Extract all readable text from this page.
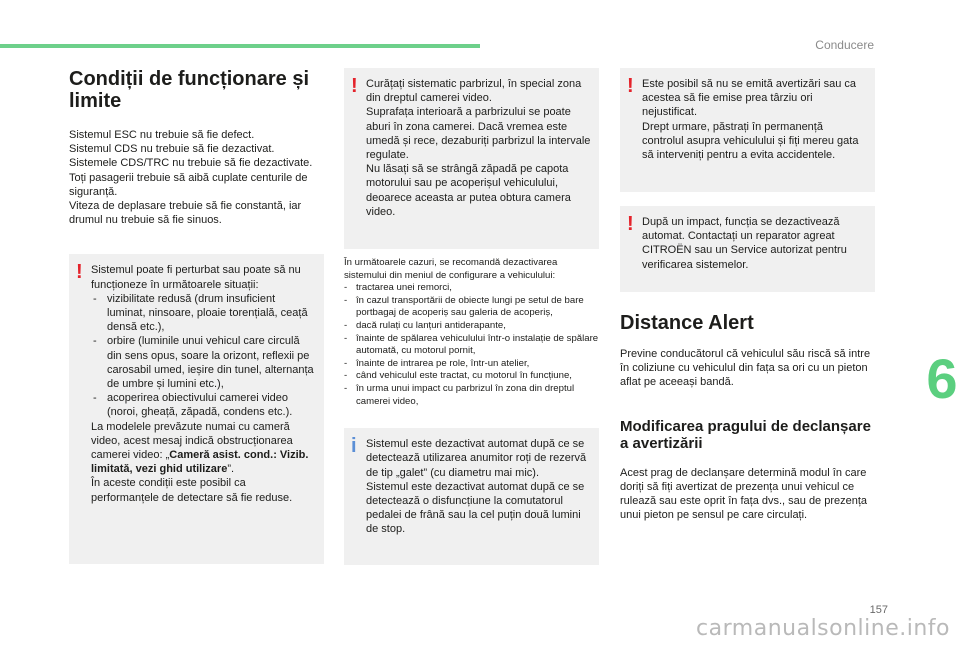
Conducere
6
157
carmanualsonline.info
Condiții de funcționare și limite

Sistemul ESC nu trebuie să fie defect.

Sistemul CDS nu trebuie să fie dezactivat.

Sistemele CDS/TRC nu trebuie să fie dezactivate.

Toți pasagerii trebuie să aibă cuplate centurile de siguranță.

Viteza de deplasare trebuie să fie constantă, iar drumul nu trebuie să fie sinuos.

! Sistemul poate fi perturbat sau poate să nu funcționeze în următoarele situații:

- vizibilitate redusă (drum insuficient luminat, ninsoare, ploaie torențială, ceață densă etc.),
- orbire (luminile unui vehicul care circulă din sens opus, soare la orizont, reflexii pe carosabil umed, ieșire din tunel, alternanța de umbre și lumini etc.),
- acoperirea obiectivului camerei video (noroi, gheață, zăpadă, condens etc.).

La modelele prevăzute numai cu cameră video, acest mesaj indică obstrucționarea camerei video: „Cameră asist. cond.: Vizib. limitată, vezi ghid utilizare”.

În aceste condiții este posibil ca performanțele de detectare să fie reduse.

! Curățați sistematic parbrizul, în special zona din dreptul camerei video.

Suprafața interioară a parbrizului se poate aburi în zona camerei. Dacă vremea este umedă și rece, dezaburiți parbrizul la intervale regulate.

Nu lăsați să se strângă zăpadă pe capota motorului sau pe acoperișul vehiculului, deoarece aceasta ar putea obtura camera video.

În următoarele cazuri, se recomandă dezactivarea sistemului din meniul de configurare a vehiculului:

- tractarea unei remorci,
- în cazul transportării de obiecte lungi pe setul de bare portbagaj de acoperiș sau galeria de acoperiș,
- dacă rulați cu lanțuri antiderapante,
- înainte de spălarea vehiculului într-o instalație de spălare automată, cu motorul pornit,
- înainte de intrarea pe role, într-un atelier,
- când vehiculul este tractat, cu motorul în funcțiune,
- în urma unui impact cu parbrizul în zona din dreptul camerei video,
i Sistemul este dezactivat automat după ce se detectează utilizarea anumitor roți de rezervă de tip „galet” (cu diametru mai mic).

Sistemul este dezactivat automat după ce se detectează o disfuncțiune la comutatorul pedalei de frână sau la cel puțin două lumini de stop.

! Este posibil să nu se emită avertizări sau ca acestea să fie emise prea târziu ori nejustificat.

Drept urmare, păstrați în permanență controlul asupra vehiculului și fiți mereu gata să interveniți pentru a evita accidentele.

! După un impact, funcția se dezactivează automat. Contactați un reparator agreat CITROËN sau un Service autorizat pentru verificarea sistemelor.

Distance Alert

Previne conducătorul că vehiculul său riscă să intre în coliziune cu vehiculul din fața sa ori cu un pieton aflat pe aceeași bandă.

Modificarea pragului de declanșare a avertizării

Acest prag de declanșare determină modul în care doriți să fiți avertizat de prezența unui vehicul ce rulează sau este oprit în fața dvs., sau de prezența unui pieton pe sensul pe care circulați.
